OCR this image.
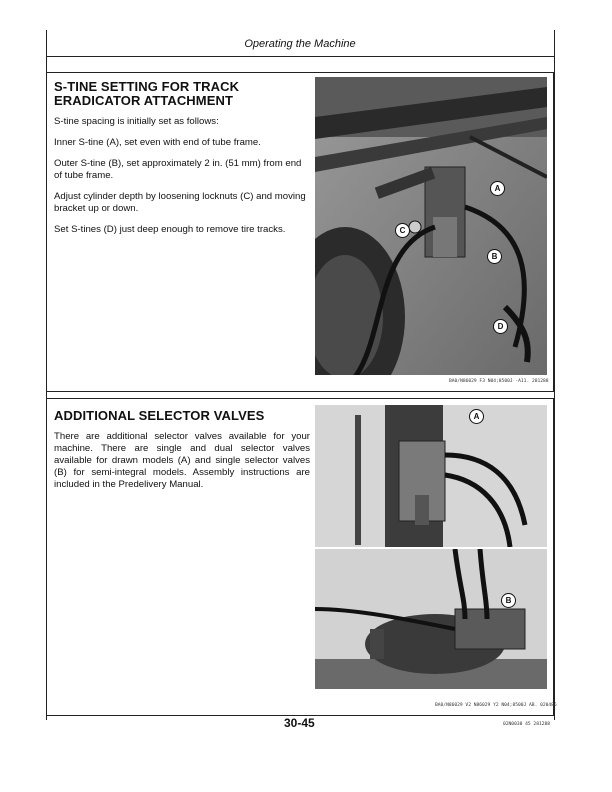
Operating the Machine
S-TINE SETTING FOR TRACK ERADICATOR ATTACHMENT

S-tine spacing is initially set as follows:

Inner S-tine (A), set even with end of tube frame.

Outer S-tine (B), set approximately 2 in. (51 mm) from end of tube frame.

Adjust cylinder depth by loosening locknuts (C) and moving bracket up or down.

Set S-tines (D) just deep enough to remove tire tracks.

A
B
C
D
BA0/N86029 F3 N04;8500J -A11. 281288
ADDITIONAL SELECTOR VALVES

There are additional selector valves available for your machine. There are single and dual selector valves available for drawn models (A) and single selector valves (B) for semi-integral models. Assembly instructions are included in the Predelivery Manual.

A
B
BA0/N86029 V2 N86029 Y2 N04;8500J AB. 020486
30-45	02N0030 45 281288
